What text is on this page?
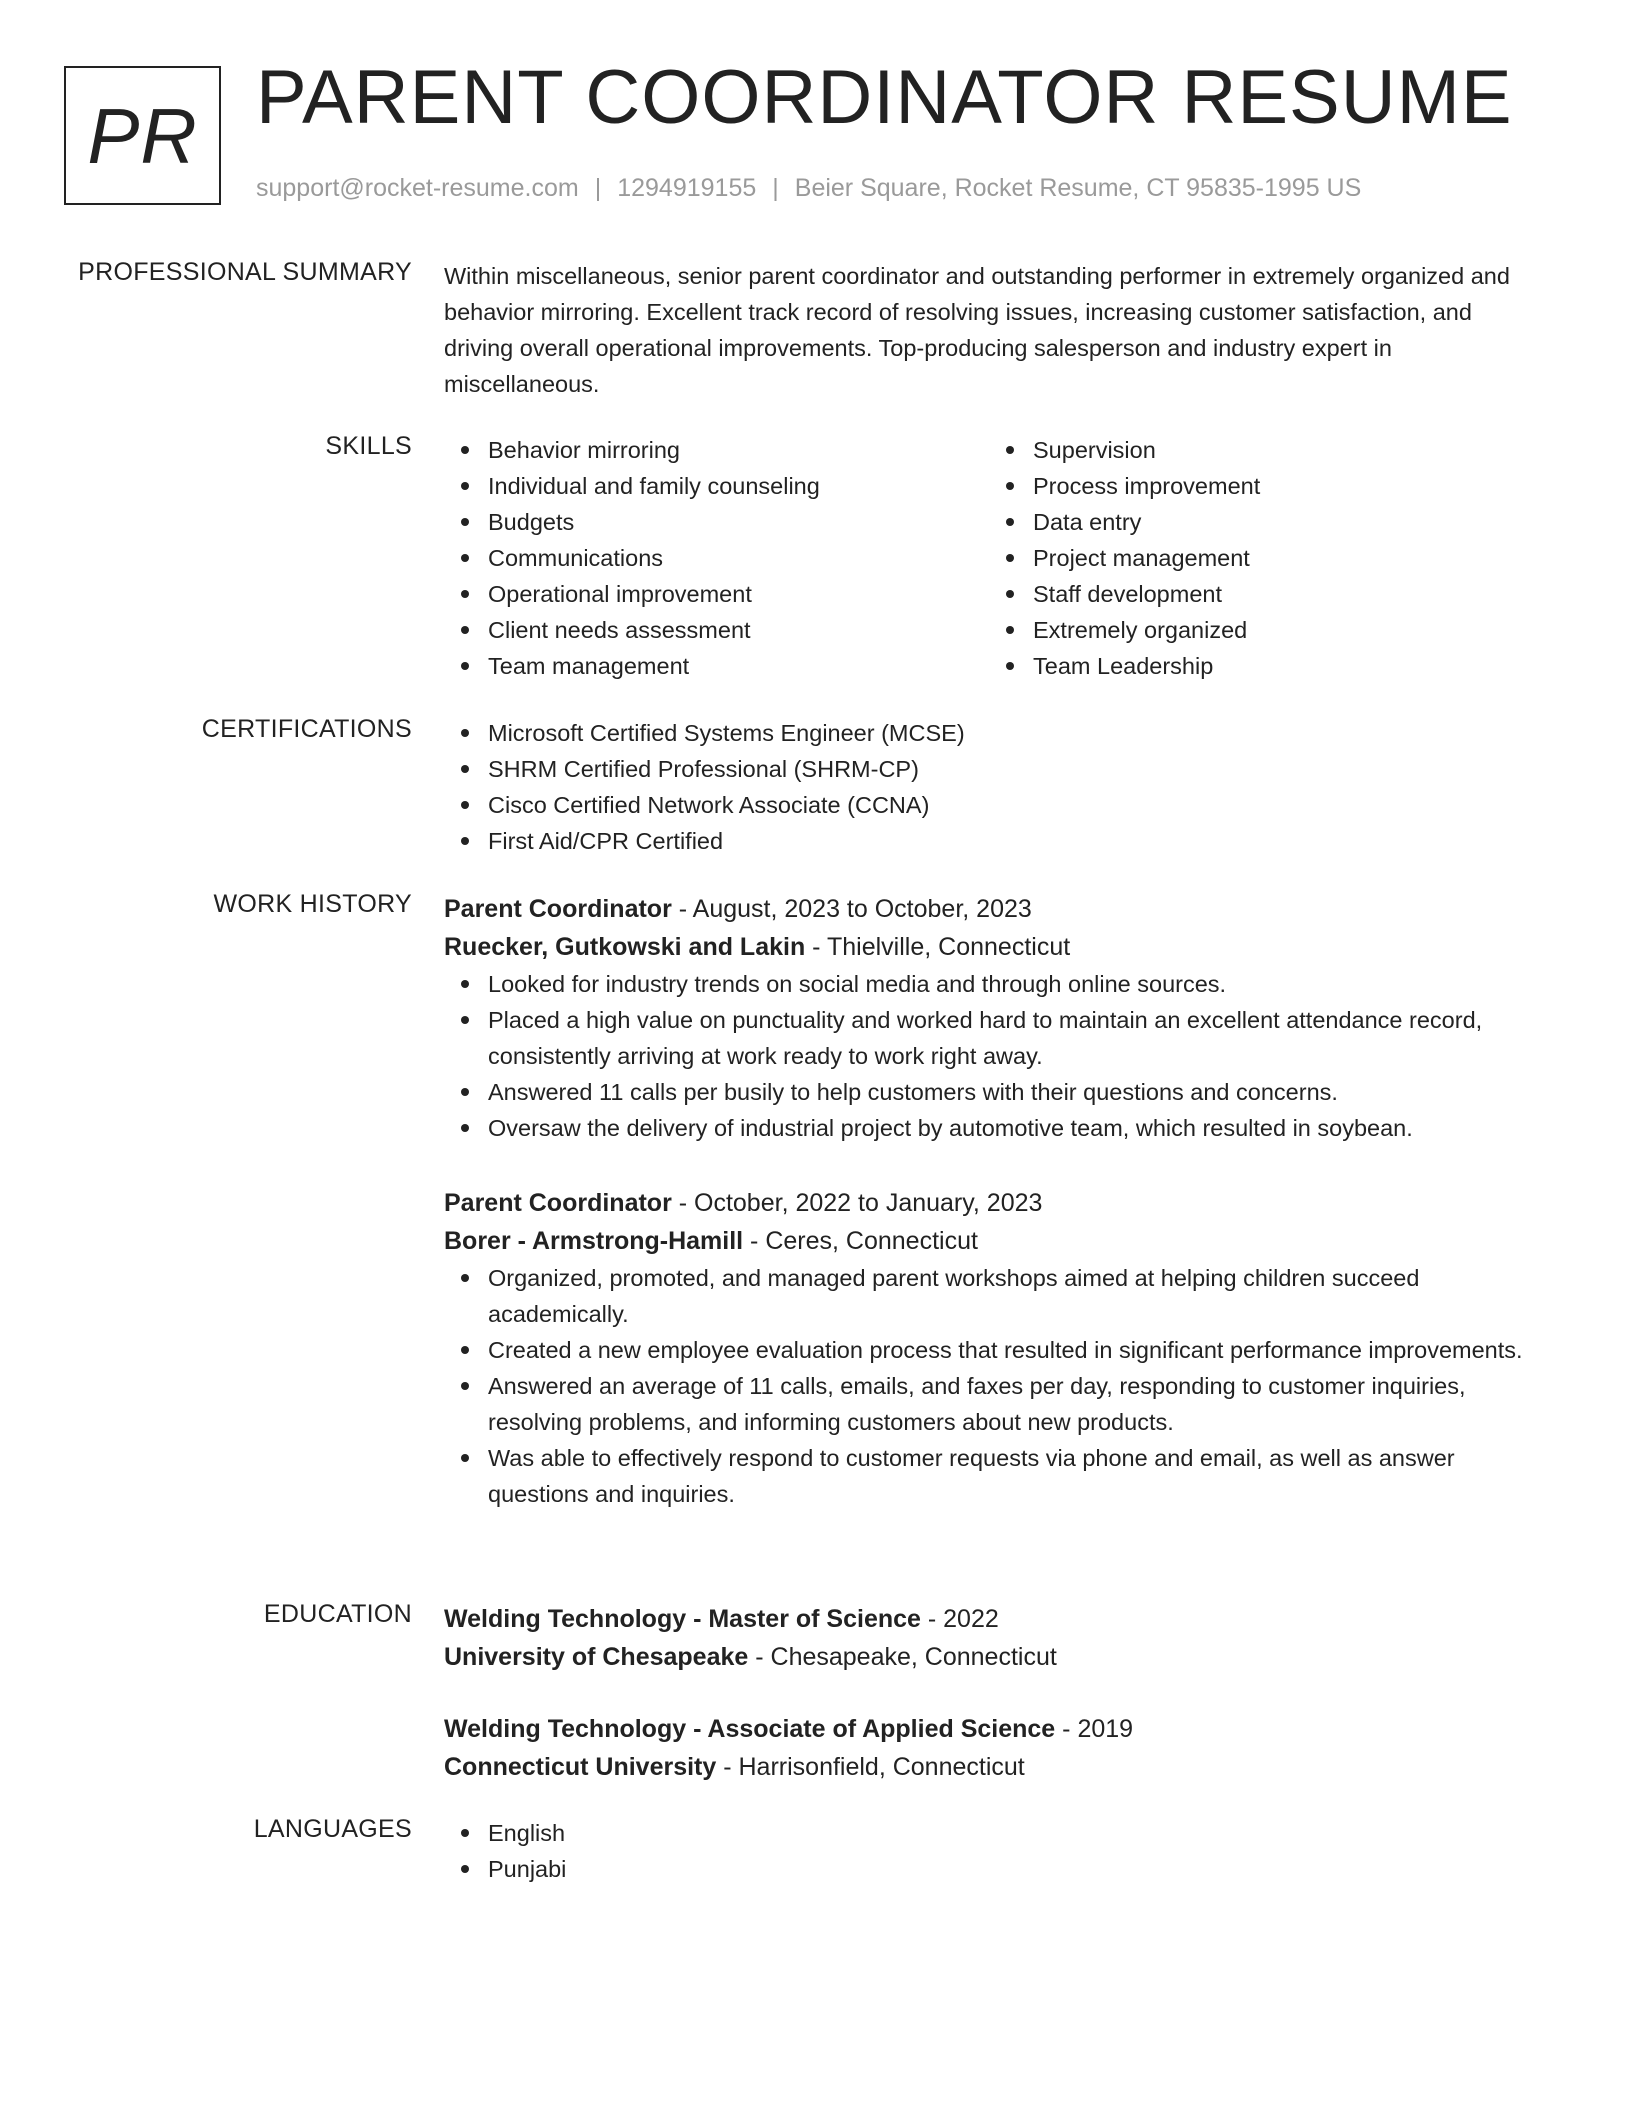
PR PARENT COORDINATOR RESUME
support@rocket-resume.com | 1294919155 | Beier Square, Rocket Resume, CT 95835-1995 US
PROFESSIONAL SUMMARY Within miscellaneous, senior parent coordinator and outstanding performer in extremely organized and behavior mirroring. Excellent track record of resolving issues, increasing customer satisfaction, and driving overall operational improvements. Top-producing salesperson and industry expert in miscellaneous.

SKILLS	Behavior mirroring
Individual and family counseling
Budgets
Communications
Operational improvement
Client needs assessment
Team management
Supervision
Process improvement
Data entry
Project management
Staff development
Extremely organized
Team Leadership
CERTIFICATIONS	Microsoft Certified Systems Engineer (MCSE)
SHRM Certified Professional (SHRM-CP)
Cisco Certified Network Associate (CCNA)
First Aid/CPR Certified
WORK HISTORY Parent Coordinator - August, 2023 to October, 2023
Ruecker, Gutkowski and Lakin - Thielville, Connecticut
Looked for industry trends on social media and through online sources.
Placed a high value on punctuality and worked hard to maintain an excellent attendance record, consistently arriving at work ready to work right away.
Answered 11 calls per busily to help customers with their questions and concerns.
Oversaw the delivery of industrial project by automotive team, which resulted in soybean.
Parent Coordinator - October, 2022 to January, 2023
Borer - Armstrong-Hamill - Ceres, Connecticut
Organized, promoted, and managed parent workshops aimed at helping children succeed academically.
Created a new employee evaluation process that resulted in significant performance improvements.
Answered an average of 11 calls, emails, and faxes per day, responding to customer inquiries, resolving problems, and informing customers about new products.
Was able to effectively respond to customer requests via phone and email, as well as answer questions and inquiries.
EDUCATION Welding Technology - Master of Science - 2022
University of Chesapeake - Chesapeake, Connecticut
Welding Technology - Associate of Applied Science - 2019
Connecticut University - Harrisonfield, Connecticut
LANGUAGES	English
Punjabi
